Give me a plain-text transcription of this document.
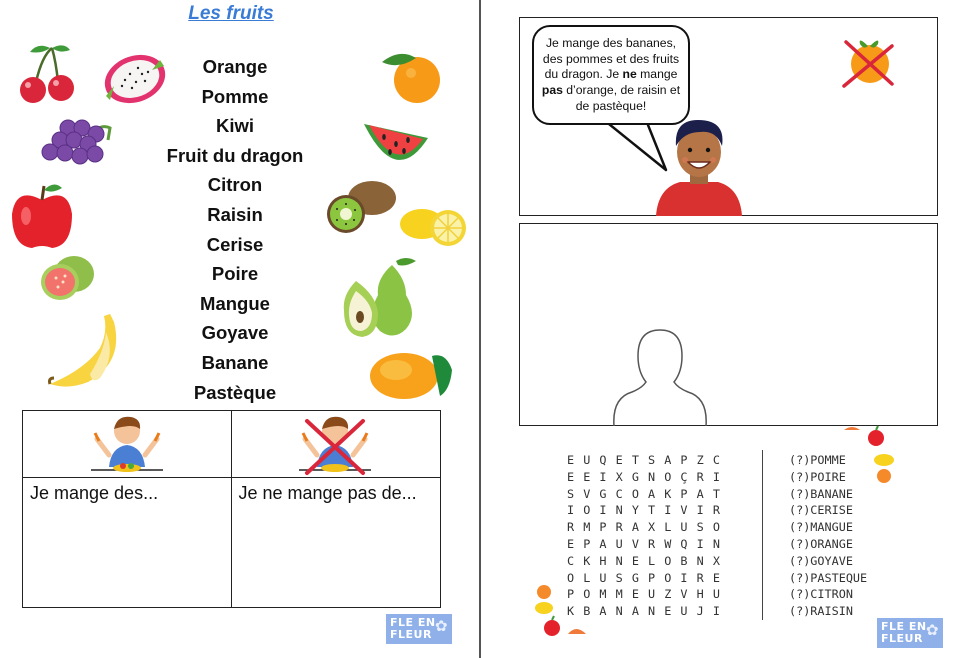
Les fruits
Orange
Pomme
Kiwi
Fruit du dragon
Citron
Raisin
Cerise
Poire
Mangue
Goyave
Banane
Pastèque
Je mange des...	Je ne mange pas de...
FLE EN
FLEUR ✿
Je mange des bananes, des pommes et des fruits du dragon. Je ne mange pas d’orange, de raisin et de pastèque!
E U Q E T S A P Z C
E E I X G N O Ç R I
S V G C O A K P A T
I O I N Y T I V I R
R M P R A X L U S O
E P A U V R W Q I N
C K H N E L O B N X
O L U S G P O I R E
P O M M E U Z V H U
K B A N A N E U J I
(?)POMME
(?)POIRE
(?)BANANE
(?)CERISE
(?)MANGUE
(?)ORANGE
(?)GOYAVE
(?)PASTEQUE
(?)CITRON
(?)RAISIN
FLE EN
FLEUR ✿
